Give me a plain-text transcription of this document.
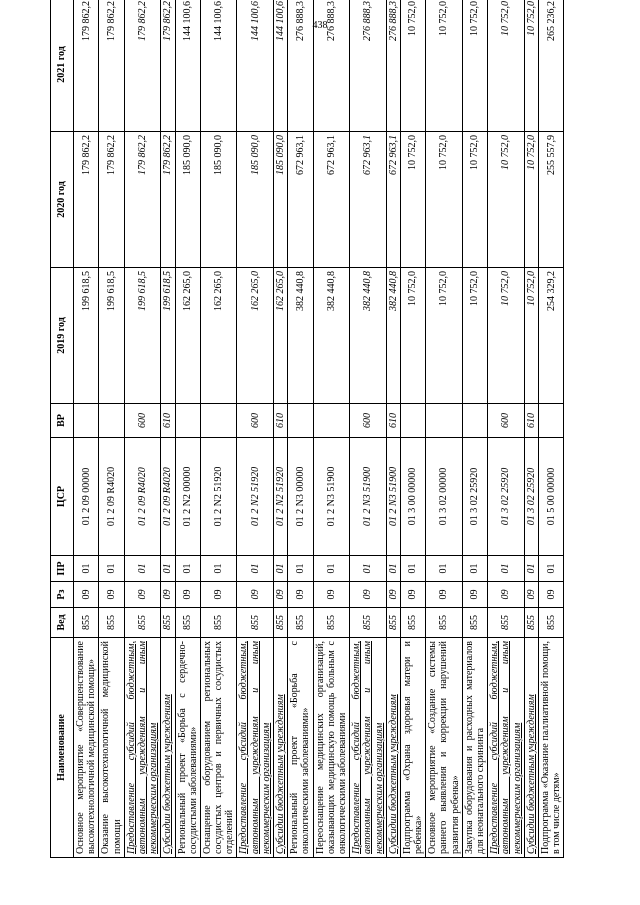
438
Наименование	Вед	Рз	ПР	ЦСР	ВР	2019 год	2020 год	2021 год
Основное мероприятие «Совершенствование высокотехнологичной медицинской помощи»	855	09	01	01 2 09 00000		199 618,5	179 862,2	179 862,2
Оказание высокотехнологичной медицинской помощи	855	09	01	01 2 09 R4020		199 618,5	179 862,2	179 862,2
Предоставление субсидий бюджетным, автономным учреждениям и иным некоммерческим организациям	855	09	01	01 2 09 R4020	600	199 618,5	179 862,2	179 862,2
Субсидии бюджетным учреждениям	855	09	01	01 2 09 R4020	610	199 618,5	179 862,2	179 862,2
Региональный проект «Борьба с сердечно-сосудистыми заболеваниями»	855	09	01	01 2 N2 00000		162 265,0	185 090,0	144 100,6
Оснащение оборудованием региональных сосудистых центров и первичных сосудистых отделений	855	09	01	01 2 N2 51920		162 265,0	185 090,0	144 100,6
Предоставление субсидий бюджетным, автономным учреждениям и иным некоммерческим организациям	855	09	01	01 2 N2 51920	600	162 265,0	185 090,0	144 100,6
Субсидии бюджетным учреждениям	855	09	01	01 2 N2 51920	610	162 265,0	185 090,0	144 100,6
Региональный проект «Борьба с онкологическими заболеваниями»	855	09	01	01 2 N3 00000		382 440,8	672 963,1	276 888,3
Переоснащение медицинских организаций, оказывающих медицинскую помощь больным с онкологическими заболеваниями	855	09	01	01 2 N3 51900		382 440,8	672 963,1	276 888,3
Предоставление субсидий бюджетным, автономным учреждениям и иным некоммерческим организациям	855	09	01	01 2 N3 51900	600	382 440,8	672 963,1	276 888,3
Субсидии бюджетным учреждениям	855	09	01	01 2 N3 51900	610	382 440,8	672 963,1	276 888,3
Подпрограмма «Охрана здоровья матери и ребенка»	855	09	01	01 3 00 00000		10 752,0	10 752,0	10 752,0
Основное мероприятие «Создание системы раннего выявления и коррекции нарушений развития ребенка»	855	09	01	01 3 02 00000		10 752,0	10 752,0	10 752,0
Закупка оборудования и расходных материалов для неонатального скрининга	855	09	01	01 3 02 25920		10 752,0	10 752,0	10 752,0
Предоставление субсидий бюджетным, автономным учреждениям и иным некоммерческим организациям	855	09	01	01 3 02 25920	600	10 752,0	10 752,0	10 752,0
Субсидии бюджетным учреждениям	855	09	01	01 3 02 25920	610	10 752,0	10 752,0	10 752,0
Подпрограмма «Оказание паллиативной помощи, в том числе детям»	855	09	01	01 5 00 00000		254 329,2	255 557,9	265 236,2
